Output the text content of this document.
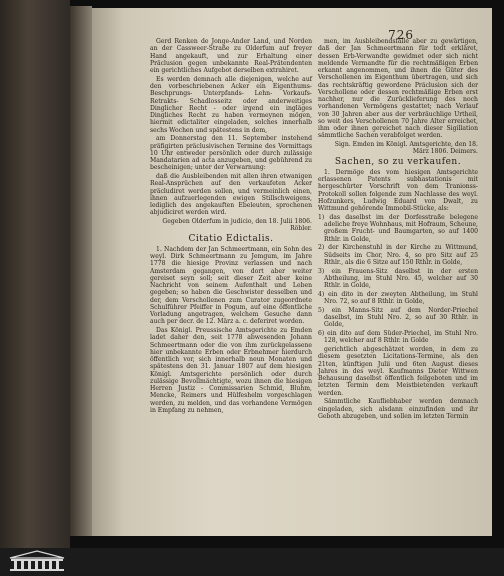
726

Gerd Renken de Jonge-Ander Land, und Norden an der Cassweer-Straße zu Olderfum auf freyer Hand angekauft, und zur Erhaltung einer Präclusion gegen unbekannte Real-Prätendenten ein gerichtliches Aufgebot derselben extrahiret.

Es werden demnach alle diejenigen, welche auf den vorbeschriebenen Acker ein Eigenthums- Beschprungs- Unterpfands- Lehn- Vorkaufs- Retrakts- Schadlosseitz oder anderweitiges Dinglicher Recht - oder irgend ein ingläges Dingliches Recht zu haben vermeynen mögen, hiermit edictaliter eingeladen, solches innerhalb sechs Wochen und spätestens in dem,

am Donnerstag den 11. September instehend präfigirten präclusivischen Termine des Vormittags 10 Uhr entweder persönlich oder durch zulässige Mandatarien ad acta anzugeben, und gebührend zu bescheinigen; unter der Verwarnung:

daß die Ausbleibenden mit allen ihren etwanigen Real-Ansprüchen auf den verkaufeten Acker präcludiret werden sollen, und vermeinlich einen, ihnen aufzuerlegenden ewigen Stillschweigens, lediglich des angekauften Ebeleuten, sprochenen abjudiciret werden wird.

Gegeben Olderfum in judicio, den 18. Julii 1806. Röbler.

Citatio Edictalis.

1. Nachdem der Jan Schmeertmann, ein Sohn des weyl. Dirk Schmeertmann zu Jemgum, im Jahre 1778 die hiesige Provinz verlassen und nach Amsterdam gegangen, von dort aber weiter gereiset seyn soll; seit dieser Zeit aber keine Nachricht von seinem Aufenthalt und Leben gegeben; so haben die Geschwister desselben und der, dem Verschollenen zum Curator zugeordnete Schulführer Pfeiffer in Pogum, auf eine öffentliche Vorladung angetragen, welchem Gesuche dann auch per decr. de 12. März a. c. deferiret worden.

Das Königl. Preussische Amtsgerichte zu Emden ladet daher den, seit 1778 abwesenden Johann Schmeertmann oder die von ihm zurückgelassene hier unbekannte Erben oder Erbnehmer hierdurch öffentlich vor, sich innerhalb neun Monaten und spätestens den 31. Januar 1807 auf dem hiesigen Königl. Amtsgerichte persönlich oder durch zulässige Bevollmächtigte, wozu ihnen die hiesigen Herren Justiz - Commissarien Schmid, Bluhm, Mencke, Reimers und Hülfeshelm vorgeschlagen werden, zu melden, und das vorhandene Vermögen in Empfang zu nehmen,

men, im Ausbleibendsfalle aber zu gewärtigen, daß der Jan Schmeertmann für todt erkläret, dessen Erb-Verwandte gewidmet oder sich nicht meldende Vermandte für die rechtmäßigen Erben erkannt angenommen, und ihnen die Güter des Verschollenen im Eigenthum übertragen, und sich das rechtskräftig gewordene Präclusion sich der Verschollene oder dessen rechtmäßige Erben erst nachher, nur die Zurücklieferung des noch vorhandenen Vermögens gestattet; nach Verlauf von 30 Jahren aber aus der verbräuchlige Urtheil, so weit des Verschollenen 70 Jahre Alter erreichet, ihm oder ihnen gereichet nach dieser Sigillation sämmtliche Sachen verabfolget werden.

Sign. Emden im Königl. Amtsgerichte, den 18. März 1806. Deimers.

Sachen, so zu verkaufen.

1. Dermöge des vom hiesigen Amtsgerichte erlassenen Patents subhastationis mit hergeschürter Vorschrift von dem Tranionss- Protokoll sollen folgende zum Nachlasse des weyl. Hofzunkers, Ludwig Eduard von Dwalt, zu Wittmund gehörende Immobil-Stücke, als:

1) das daselbst im der Dorfesstraße belegene adeliche freye Wohnhaus, mit Hofraum, Scheune, großem Frucht- und Baumgarten, so auf 1400 Rthlr. in Golde,

2) der Kirchenstuhl in der Kirche zu Wittmund, Südseits im Chor, Nro. 4, so pro Sitz auf 25 Rthlr., als die 6 Sitze auf 150 Rthlr. in Golde,

3) ein Frauens-Sitz daselbst in der ersten Abtheilung, im Stuhl Nro. 45, welcher auf 30 Rthlr. in Golde,

4) ein dito in der zweyten Abtheilung, im Stuhl Nro. 72, so auf 8 Rthlr. in Golde,

5) ein Manns-Sitz auf dem Norder-Priechel daselbst, im Stuhl Nro. 2, so auf 30 Rthlr. in Golde,

6) ein dito auf dem Süder-Priechel, im Stuhl Nro. 128, welcher auf 8 Rthlr. in Golde

gerichtlich abgeschätzet worden, in dem zu diesem gesetzten Licitations-Termine, als den 21ten, künftigen Julii und 6ten August dieses Jahres in des weyl. Kaufmanns Dieter Wittwen Behausung daselbst öffentlich feilgeboten und im letzten Termin dem Meistbietenden verkauft werden.

Sämmtliche Kaufliebhaber werden demnach eingeladen, sich alsdann einzufinden und ihr Geboth abzugeben, und sollen im letzten Termin
